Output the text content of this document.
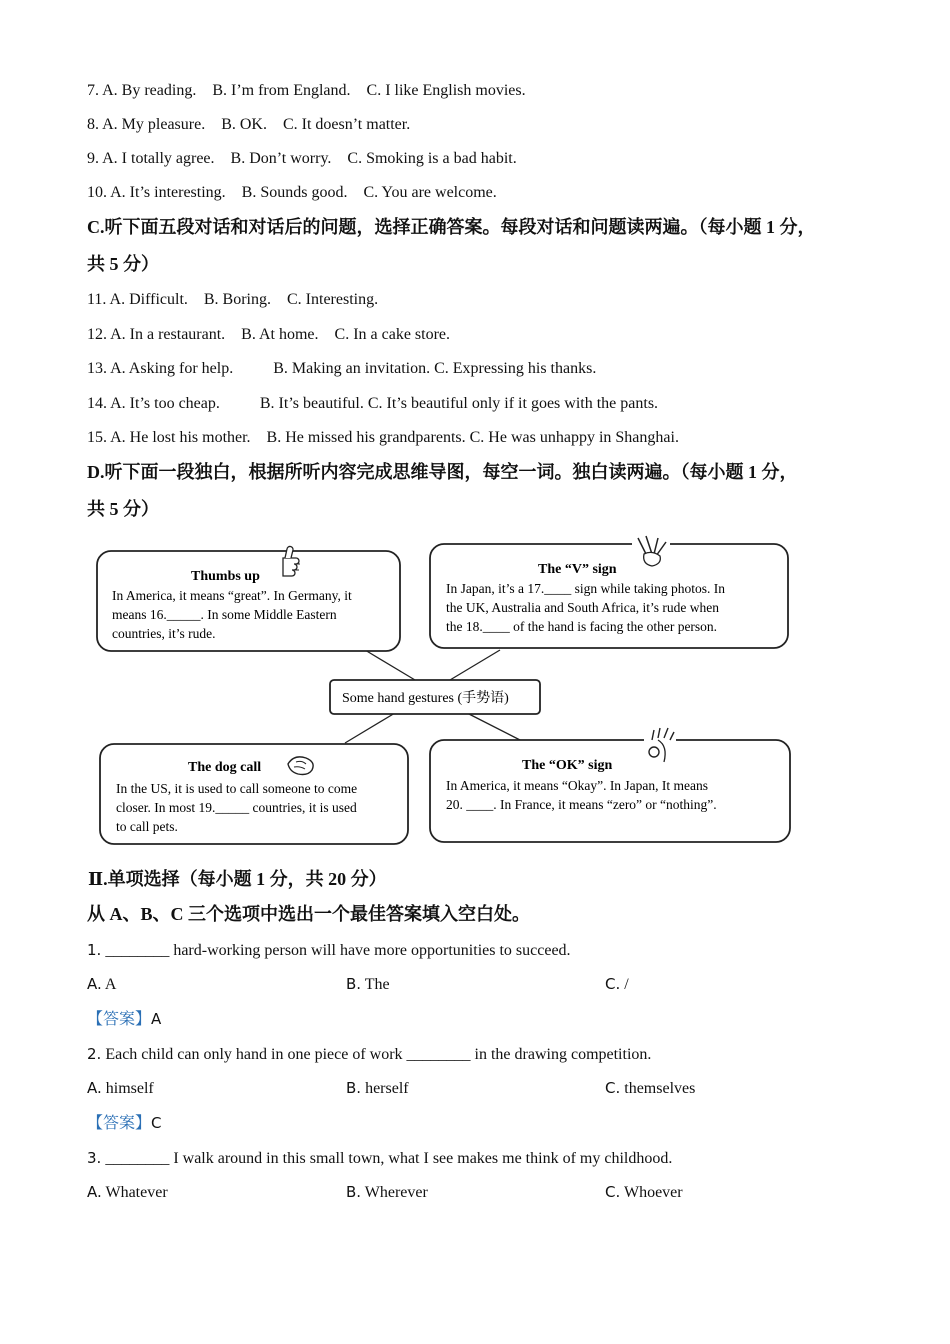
7. A. By reading.    B. I’m from England.    C. I like English movies.
8. A. My pleasure.    B. OK.    C. It doesn’t matter.
9. A. I totally agree.    B. Don’t worry.    C. Smoking is a bad habit.
10. A. It’s interesting.    B. Sounds good.    C. You are welcome.
C.听下面五段对话和对话后的问题，选择正确答案。每段对话和问题读两遍。（每小题 1 分，
共 5 分）
11. A. Difficult.    B. Boring.    C. Interesting.
12. A. In a restaurant.    B. At home.    C. In a cake store.
13. A. Asking for help.          B. Making an invitation. C. Expressing his thanks.
14. A. It’s too cheap.          B. It’s beautiful. C. It’s beautiful only if it goes with the pants.
15. A. He lost his mother.    B. He missed his grandparents. C. He was unhappy in Shanghai.
D.听下面一段独白，根据所听内容完成思维导图，每空一词。独白读两遍。（每小题 1 分，
共 5 分）
Thumbs up
In America, it means “great”. In Germany, it
means 16._____. In some Middle Eastern
countries, it’s rude.
The “V” sign
In Japan, it’s a 17.____ sign while taking photos. In
the UK, Australia and South Africa, it’s rude when
the 18.____ of the hand is facing the other person.
Some hand gestures (手势语)
The dog call
In the US, it is used to call someone to come
closer. In most 19._____ countries, it is used
to call pets.
The “OK” sign
In America, it means “Okay”. In Japan, It means
20. ____. In France, it means “zero” or “nothing”.
Ⅱ.单项选择（每小题 1 分，共 20 分）
从 A、B、C 三个选项中选出一个最佳答案填入空白处。
1. ________ hard-working person will have more opportunities to succeed.
A. A	B. The	C. /
【答案】A
2. Each child can only hand in one piece of work ________ in the drawing competition.
A. himself	B. herself	C. themselves
【答案】C
3. ________ I walk around in this small town, what I see makes me think of my childhood.
A. Whatever	B. Wherever	C. Whoever
